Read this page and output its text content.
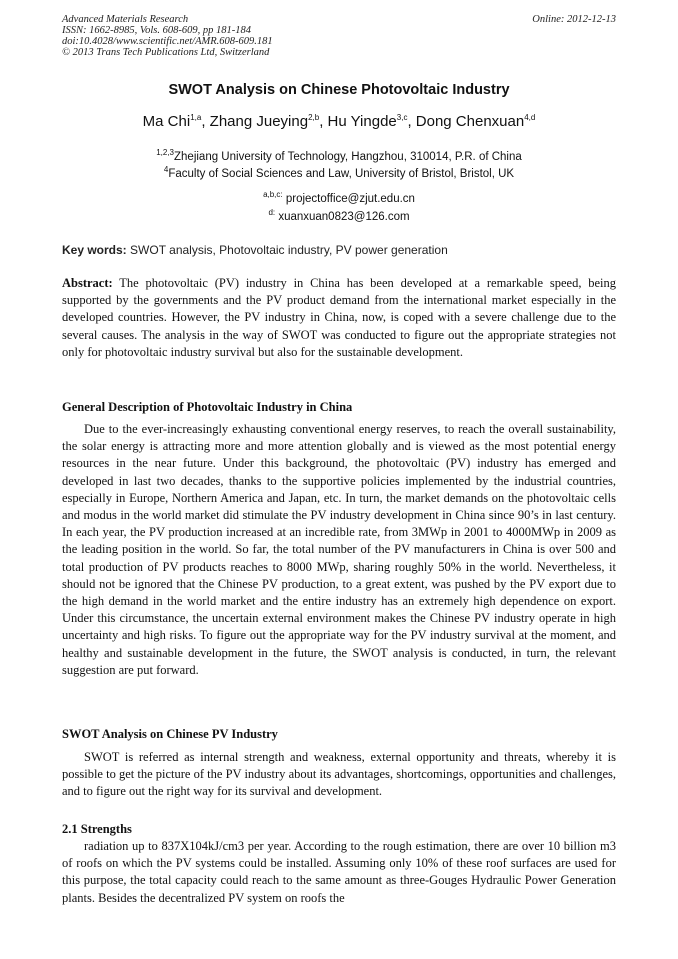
Advanced Materials Research
ISSN: 1662-8985, Vols. 608-609, pp 181-184
doi:10.4028/www.scientific.net/AMR.608-609.181
© 2013 Trans Tech Publications Ltd, Switzerland
Online: 2012-12-13
SWOT Analysis on Chinese Photovoltaic Industry
Ma Chi$^{1,a}$, Zhang Jueying$^{2,b}$, Hu Yingde$^{3,c}$, Dong Chenxuan$^{4,d}$
$^{1,2,3}$Zhejiang University of Technology, Hangzhou, 310014, P.R. of China
$^4$Faculty of Social Sciences and Law, University of Bristol, Bristol, UK
$^{a,b,c:}$ projectoffice@zjut.edu.cn
$^{d:}$ xuanxuan0823@126.com
Key words: SWOT analysis, Photovoltaic industry, PV power generation

Abstract: The photovoltaic (PV) industry in China has been developed at a remarkable speed, being supported by the governments and the PV product demand from the international market especially in the developed countries. However, the PV industry in China, now, is coped with a severe challenge due to the several causes. The analysis in the way of SWOT was conducted to figure out the appropriate strategies not only for photovoltaic industry survival but also for the sustainable development.

General Description of Photovoltaic Industry in China

Due to the ever-increasingly exhausting conventional energy reserves, to reach the overall sustainability, the solar energy is attracting more and more attention globally and is viewed as the most potential energy resources in the near future. Under this background, the photovoltaic (PV) industry has emerged and developed in last two decades, thanks to the supportive policies implemented by the industrial countries, especially in Europe, Northern America and Japan, etc. In turn, the market demands on the photovoltaic cells and modus in the world market did stimulate the PV industry development in China since 90’s in last century. In each year, the PV production increased at an incredible rate, from 3MWp in 2001 to 4000MWp in 2009 as the leading position in the world. So far, the total number of the PV manufacturers in China is over 500 and total production of PV products reaches to 8000 MWp, sharing roughly 50% in the world. Nevertheless, it should not be ignored that the Chinese PV production, to a great extent, was pushed by the PV export due to the high demand in the world market and the entire industry has an extremely high dependence on export. Under this circumstance, the uncertain external environment makes the Chinese PV industry operate in high uncertainty and high risks. To figure out the appropriate way for the PV industry survival at the moment, and healthy and sustainable development in the future, the SWOT analysis is conducted, in turn, the relevant suggestion are put forward.

SWOT Analysis on Chinese PV Industry

SWOT is referred as internal strength and weakness, external opportunity and threats, whereby it is possible to get the picture of the PV industry about its advantages, shortcomings, opportunities and challenges, and to figure out the right way for its survival and development.

2.1 Strengths

radiation up to 837X104kJ/cm3 per year. According to the rough estimation, there are over 10 billion m3 of roofs on which the PV systems could be installed. Assuming only 10% of these roof surfaces are used for this purpose, the total capacity could reach to the same amount as three-Gouges Hydraulic Power Generation plants. Besides the decentralized PV system on roofs the
